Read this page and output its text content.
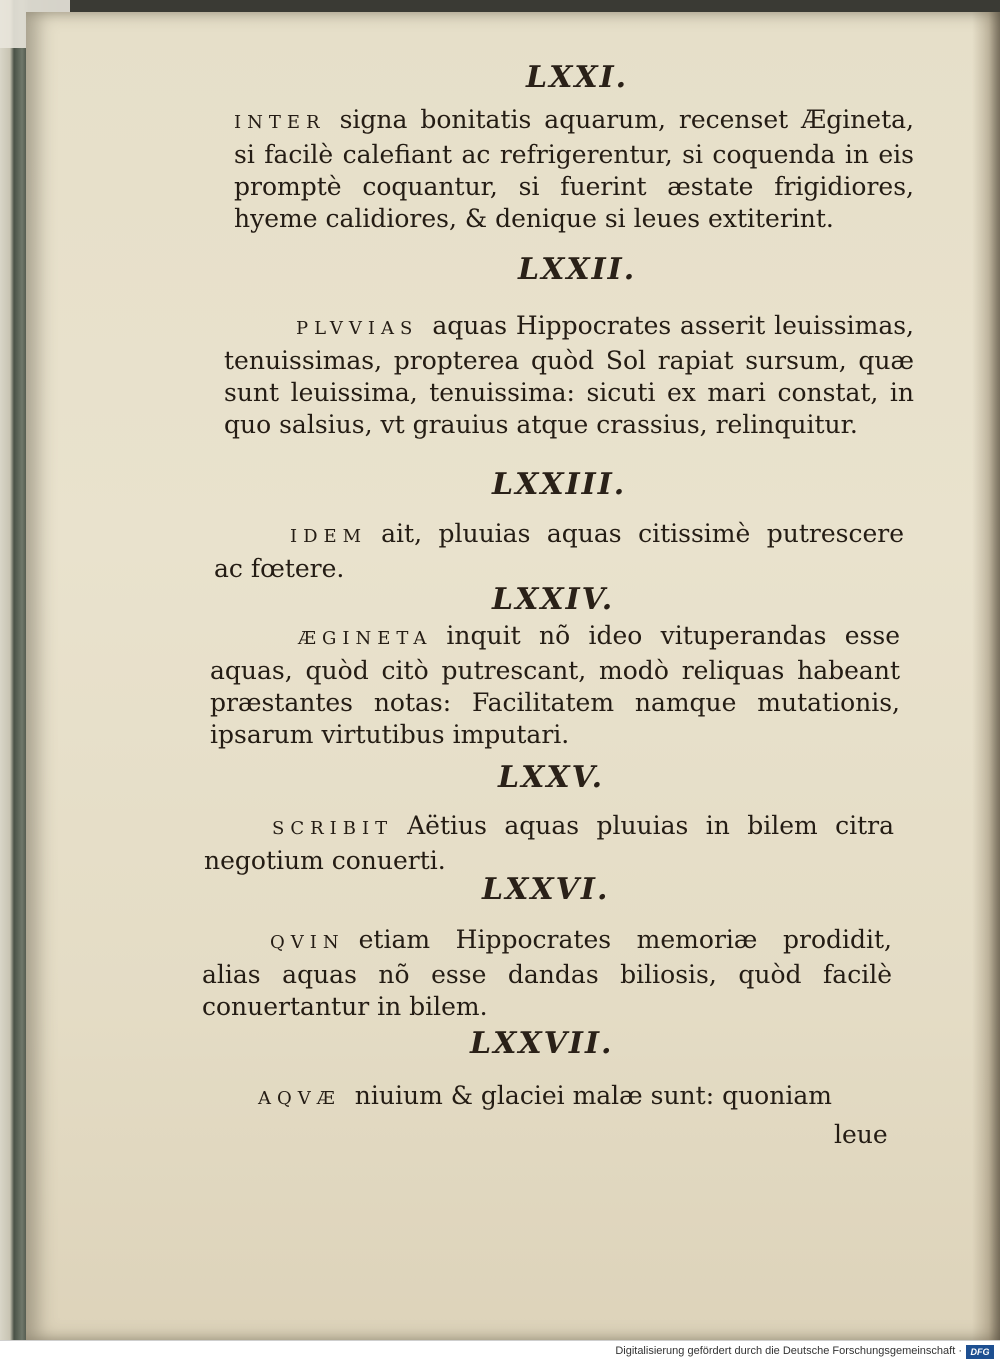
LXXI.

INTER signa bonitatis aquarum, recenset Æginetа, si facilè calefiant ac refrigerentur, si coquenda in eis promptè coquantur, si fuerint æstate frigidiores, hyeme calidiores, & denique si leues extiterint.

LXXII.

PLVVIAS aquas Hippocrates asserit leuissimas, tenuissimas, propterea quòd Sol rapiat sursum, quæ sunt leuissima, tenuissima: sicuti ex mari constat, in quo salsius, vt grauius atque crassius, relinquitur.

LXXIII.

IDEM ait, pluuias aquas citissimè putrescere ac fœtere.

LXXIV.

ÆGINETA inquit nõ ideo vituperandas esse aquas, quòd citò putrescant, modò reliquas habeant præstantes notas: Facilitatem namque mutationis, ipsarum virtutibus imputari.

LXXV.

SCRIBIT Aëtius aquas pluuias in bilem citra negotium conuerti.

LXXVI.

QVIN etiam Hippocrates memoriæ prodidit, alias aquas nõ esse dandas biliosis, quòd facilè conuertantur in bilem.

LXXVII.

AQVÆ niuium & glaciei malæ sunt: quoniam

leue

Digitalisierung gefördert durch die Deutsche Forschungsgemeinschaft · DFG
